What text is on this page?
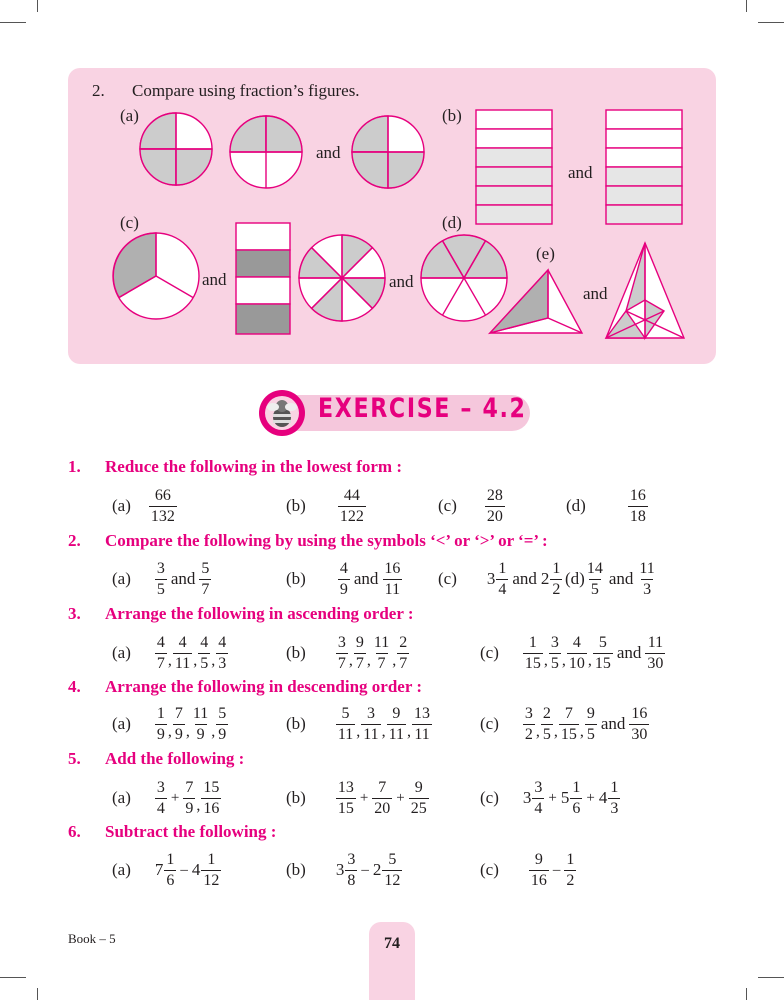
2. Compare using fraction’s figures.
(a)	(b)
(c)	(d)
(e)
and
and
and	and
and
EXERCISE – 4.2
1. Reduce the following in the lowest form :
$(a) \frac{66}{132}$	$(b) \frac{44}{122}$	$(c) \frac{28}{20}$	(d)	$\frac{16}{18}$
2. Compare the following by using the symbols ‘<’ or ‘>’ or ‘=’ :
$(a) \frac{3}{5}$ and $\frac{5}{7}$	$(b) \frac{4}{9}$ and $\frac{16}{11} (c)$ $3 \frac{1}{4}$ and $2 \frac{1}{2} (d) \frac{14}{5}$ and $\frac{11}{3}$
3. Arrange the following in ascending order :
$(a) \frac{4}{7}$ , $\frac{4}{11}$ , $\frac{4}{5}$ , $\frac{4}{3}$	$(b) \frac{3}{7}$ , $\frac{9}{7}$ , $\frac{11}{7}$ , $\frac{2}{7}$	$(c) \frac{1}{15}$ , $\frac{3}{5}$ , $\frac{4}{10}$ , $\frac{5}{15}$ and $\frac{11}{30}$
4. Arrange the following in descending order :
$(a) \frac{1}{9}$ , $\frac{7}{9}$ , $\frac{11}{9}$ , $\frac{5}{9}$	$(b) \frac{5}{11}$ , $\frac{3}{11}$ , $\frac{9}{11}$ , $\frac{13}{11}$	$(c) \frac{3}{2}$ , $\frac{2}{5}$ , $\frac{7}{15}$ , $\frac{9}{5}$ and $\frac{16}{30}$
5. Add the following :
$(a) \frac{3}{4} + \frac{7}{9}$ , $\frac{15}{16}$	$(b) \frac{13}{15} + \frac{7}{20} + \frac{9}{25}$	(c) $3 \frac{3}{4} + 5 \frac{1}{6} + 4 \frac{1}{3}$
6. Subtract the following :
(a) $7 \frac{1}{6} - 4 \frac{1}{12}$	(b) $3 \frac{3}{8} - 2 \frac{5}{12}$	$(c) \frac{9}{16} - \frac{1}{2}$
Book – 5	74
